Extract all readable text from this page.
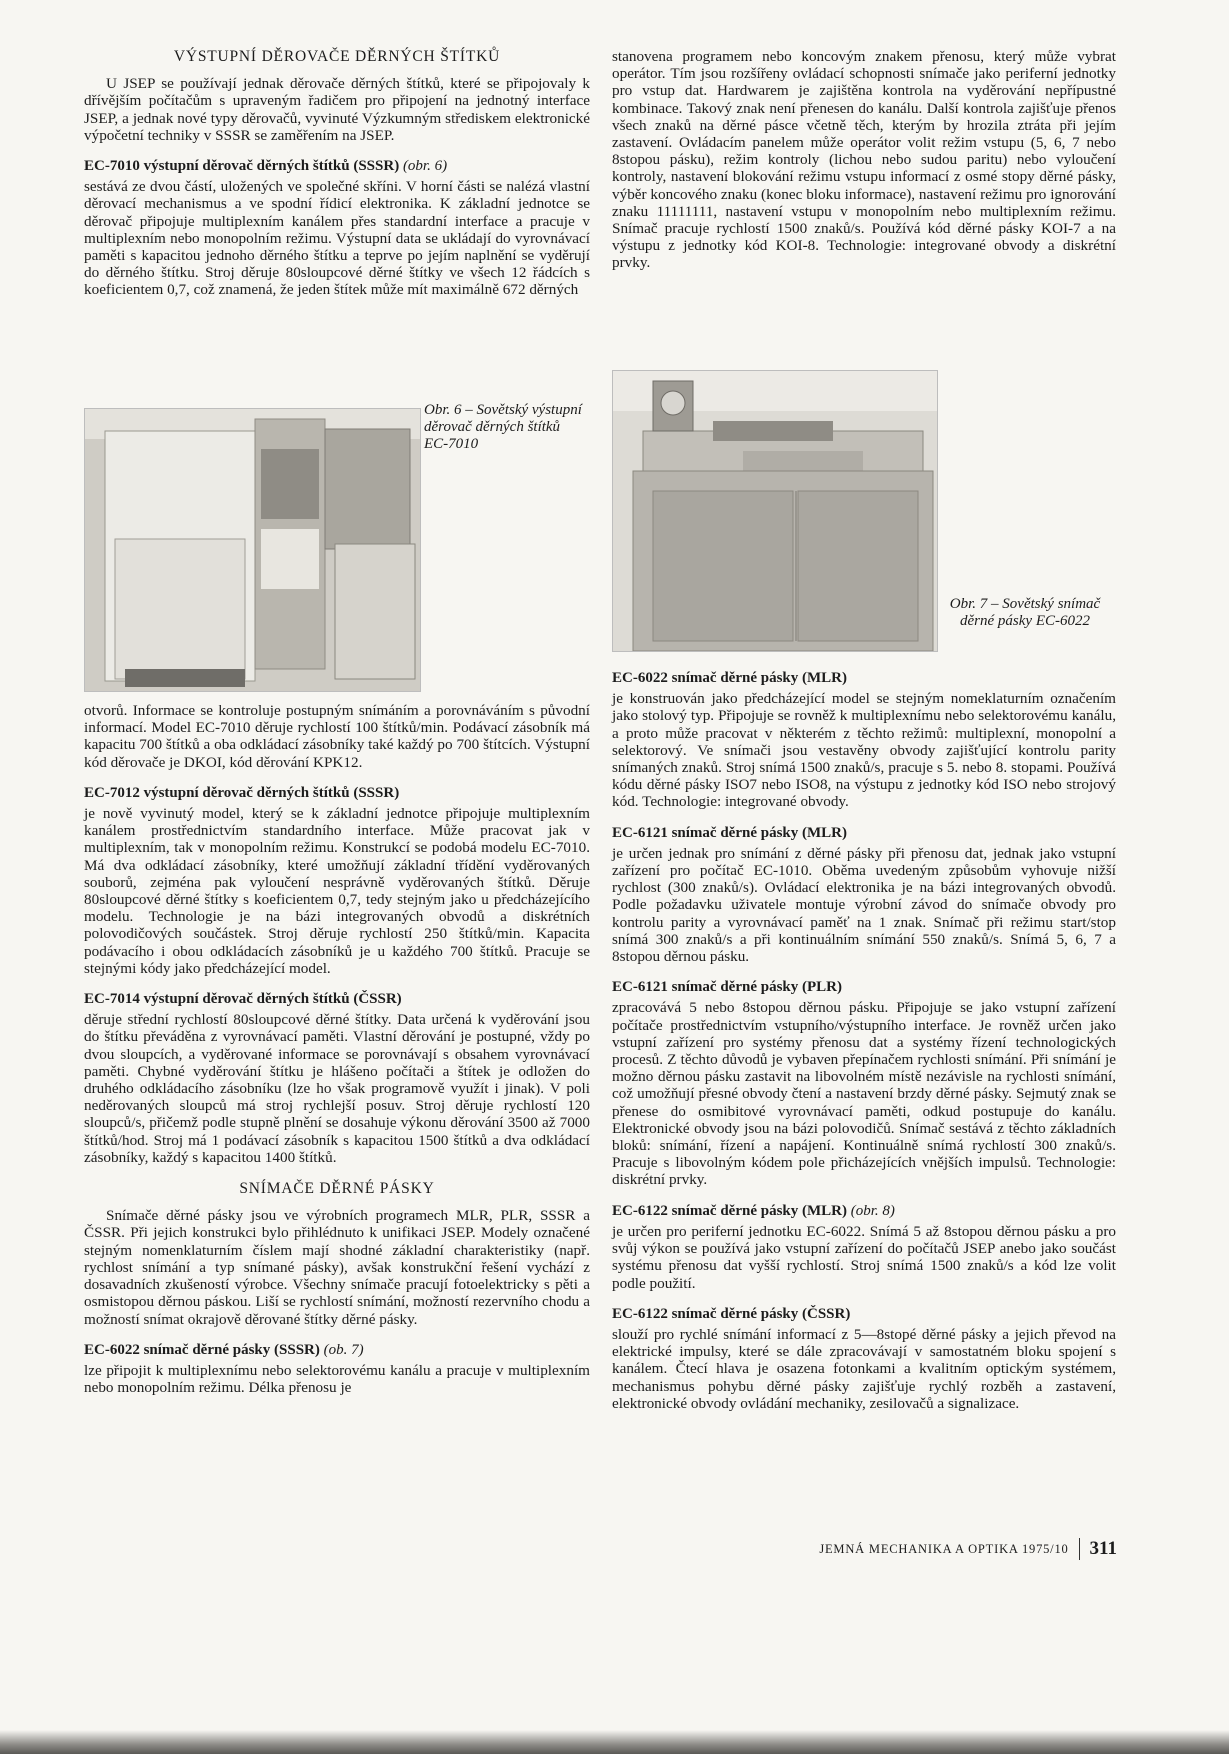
VÝSTUPNÍ DĚROVAČE DĚRNÝCH ŠTÍTKŮ

U JSEP se používají jednak děrovače děrných štítků, které se připojovaly k dřívějším počítačům s upraveným řadičem pro připojení na jednotný interface JSEP, a jednak nové typy děrovačů, vyvinuté Výzkumným střediskem elektronické výpočetní techniky v SSSR se zaměřením na JSEP.

EC-7010 výstupní děrovač děrných štítků (SSSR) (obr. 6)

sestává ze dvou částí, uložených ve společné skříni. V horní části se nalézá vlastní děrovací mechanismus a ve spodní řídicí elektronika. K základní jednotce se děrovač připojuje multiplexním kanálem přes standardní interface a pracuje v multiplexním nebo monopolním režimu. Výstupní data se ukládají do vyrovnávací paměti s kapacitou jednoho děrného štítku a teprve po jejím naplnění se vyděrují do děrného štítku. Stroj děruje 80sloupcové děrné štítky ve všech 12 řádcích s koeficientem 0,7, což znamená, že jeden štítek může mít maximálně 672 děrných

Obr. 6 – Sovětský výstupní děrovač děrných štítků EC-7010

otvorů. Informace se kontroluje postupným snímáním a porovnáváním s původní informací. Model EC-7010 děruje rychlostí 100 štítků/min. Podávací zásobník má kapacitu 700 štítků a oba odkládací zásobníky také každý po 700 štítcích. Výstupní kód děrovače je DKOI, kód děrování KPK12.

EC-7012 výstupní děrovač děrných štítků (SSSR)

je nově vyvinutý model, který se k základní jednotce připojuje multiplexním kanálem prostřednictvím standardního interface. Může pracovat jak v multiplexním, tak v monopolním režimu. Konstrukcí se podobá modelu EC-7010. Má dva odkládací zásobníky, které umožňují základní třídění vyděrovaných souborů, zejména pak vyloučení nesprávně vyděrovaných štítků. Děruje 80sloupcové děrné štítky s koeficientem 0,7, tedy stejným jako u předcházejícího modelu. Technologie je na bázi integrovaných obvodů a diskrétních polovodičových součástek. Stroj děruje rychlostí 250 štítků/min. Kapacita podávacího i obou odkládacích zásobníků je u každého 700 štítků. Pracuje se stejnými kódy jako předcházející model.

EC-7014 výstupní děrovač děrných štítků (ČSSR)

děruje střední rychlostí 80sloupcové děrné štítky. Data určená k vyděrování jsou do štítku převáděna z vyrovnávací paměti. Vlastní děrování je postupné, vždy po dvou sloupcích, a vyděrované informace se porovnávají s obsahem vyrovnávací paměti. Chybné vyděrování štítku je hlášeno počítači a štítek je odložen do druhého odkládacího zásobníku (lze ho však programově využít i jinak). V poli neděrovaných sloupců má stroj rychlejší posuv. Stroj děruje rychlostí 120 sloupců/s, přičemž podle stupně plnění se dosahuje výkonu děrování 3500 až 7000 štítků/hod. Stroj má 1 podávací zásobník s kapacitou 1500 štítků a dva odkládací zásobníky, každý s kapacitou 1400 štítků.

SNÍMAČE DĚRNÉ PÁSKY

Snímače děrné pásky jsou ve výrobních programech MLR, PLR, SSSR a ČSSR. Při jejich konstrukci bylo přihlédnuto k unifikaci JSEP. Modely označené stejným nomenklaturním číslem mají shodné základní charakteristiky (např. rychlost snímání a typ snímané pásky), avšak konstrukční řešení vychází z dosavadních zkušeností výrobce. Všechny snímače pracují fotoelektricky s pěti a osmistopou děrnou páskou. Liší se rychlostí snímání, možností rezervního chodu a možností snímat okrajově děrované štítky děrné pásky.

EC-6022 snímač děrné pásky (SSSR) (ob. 7)

lze připojit k multiplexnímu nebo selektorovému kanálu a pracuje v multiplexním nebo monopolním režimu. Délka přenosu je

stanovena programem nebo koncovým znakem přenosu, který může vybrat operátor. Tím jsou rozšířeny ovládací schopnosti snímače jako periferní jednotky pro vstup dat. Hardwarem je zajištěna kontrola na vyděrování nepřípustné kombinace. Takový znak není přenesen do kanálu. Další kontrola zajišťuje přenos všech znaků na děrné pásce včetně těch, kterým by hrozila ztráta při jejím zastavení. Ovládacím panelem může operátor volit režim vstupu (5, 6, 7 nebo 8stopou pásku), režim kontroly (lichou nebo sudou paritu) nebo vyloučení kontroly, nastavení blokování režimu vstupu informací z osmé stopy děrné pásky, výběr koncového znaku (konec bloku informace), nastavení režimu pro ignorování znaku 11111111, nastavení vstupu v monopolním nebo multiplexním režimu. Snímač pracuje rychlostí 1500 znaků/s. Používá kód děrné pásky KOI-7 a na výstupu z jednotky kód KOI-8. Technologie: integrované obvody a diskrétní prvky.

Obr. 7 – Sovětský snímač děrné pásky EC-6022
EC-6022 snímač děrné pásky (MLR)

je konstruován jako předcházející model se stejným nomeklaturním označením jako stolový typ. Připojuje se rovněž k multiplexnímu nebo selektorovému kanálu, a proto může pracovat v některém z těchto režimů: multiplexní, monopolní a selektorový. Ve snímači jsou vestavěny obvody zajišťující kontrolu parity snímaných znaků. Stroj snímá 1500 znaků/s, pracuje s 5. nebo 8. stopami. Používá kódu děrné pásky ISO7 nebo ISO8, na výstupu z jednotky kód ISO nebo strojový kód. Technologie: integrované obvody.

EC-6121 snímač děrné pásky (MLR)

je určen jednak pro snímání z děrné pásky při přenosu dat, jednak jako vstupní zařízení pro počítač EC-1010. Oběma uvedeným způsobům vyhovuje nižší rychlost (300 znaků/s). Ovládací elektronika je na bázi integrovaných obvodů. Podle požadavku uživatele montuje výrobní závod do snímače obvody pro kontrolu parity a vyrovnávací paměť na 1 znak. Snímač při režimu start/stop snímá 300 znaků/s a při kontinuálním snímání 550 znaků/s. Snímá 5, 6, 7 a 8stopou děrnou pásku.

EC-6121 snímač děrné pásky (PLR)

zpracovává 5 nebo 8stopou děrnou pásku. Připojuje se jako vstupní zařízení počítače prostřednictvím vstupního/výstupního interface. Je rovněž určen jako vstupní zařízení pro systémy přenosu dat a systémy řízení technologických procesů. Z těchto důvodů je vybaven přepínačem rychlosti snímání. Při snímání je možno děrnou pásku zastavit na libovolném místě nezávisle na rychlosti snímání, což umožňují přesné obvody čtení a nastavení brzdy děrné pásky. Sejmutý znak se přenese do osmibitové vyrovnávací paměti, odkud postupuje do kanálu. Elektronické obvody jsou na bázi polovodičů. Snímač sestává z těchto základních bloků: snímání, řízení a napájení. Kontinuálně snímá rychlostí 300 znaků/s. Pracuje s libovolným kódem pole přicházejících vnějších impulsů. Technologie: diskrétní prvky.

EC-6122 snímač děrné pásky (MLR) (obr. 8)

je určen pro periferní jednotku EC-6022. Snímá 5 až 8stopou děrnou pásku a pro svůj výkon se používá jako vstupní zařízení do počítačů JSEP anebo jako součást systému přenosu dat vyšší rychlostí. Stroj snímá 1500 znaků/s a kód lze volit podle použití.

EC-6122 snímač děrné pásky (ČSSR)

slouží pro rychlé snímání informací z 5—8stopé děrné pásky a jejich převod na elektrické impulsy, které se dále zpracovávají v samostatném bloku spojení s kanálem. Čtecí hlava je osazena fotonkami a kvalitním optickým systémem, mechanismus pohybu děrné pásky zajišťuje rychlý rozběh a zastavení, elektronické obvody ovládání mechaniky, zesilovačů a signalizace.

JEMNÁ MECHANIKA A OPTIKA 1975/10 311
